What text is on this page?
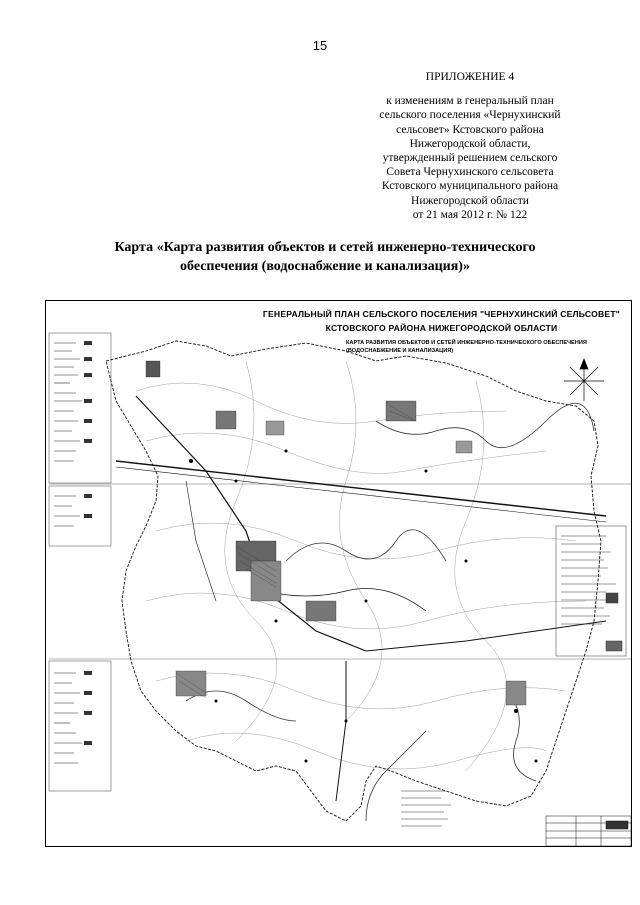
15
ПРИЛОЖЕНИЕ 4
к изменениям в генеральный план
сельского поселения «Чернухинский
сельсовет» Кстовского района
Нижегородской области,
утвержденный решением сельского
Совета Чернухинского сельсовета
Кстовского муниципального района
Нижегородской области
от 21 мая 2012 г. № 122
Карта «Карта развития объектов и сетей инженерно-технического
обеспечения (водоснабжение и канализация)»
ГЕНЕРАЛЬНЫЙ ПЛАН СЕЛЬСКОГО ПОСЕЛЕНИЯ "ЧЕРНУХИНСКИЙ СЕЛЬСОВЕТ"
КСТОВСКОГО РАЙОНА НИЖЕГОРОДСКОЙ ОБЛАСТИ
КАРТА РАЗВИТИЯ ОБЪЕКТОВ И СЕТЕЙ ИНЖЕНЕРНО-ТЕХНИЧЕСКОГО ОБЕСПЕЧЕНИЯ
(ВОДОСНАБЖЕНИЕ И КАНАЛИЗАЦИЯ)
